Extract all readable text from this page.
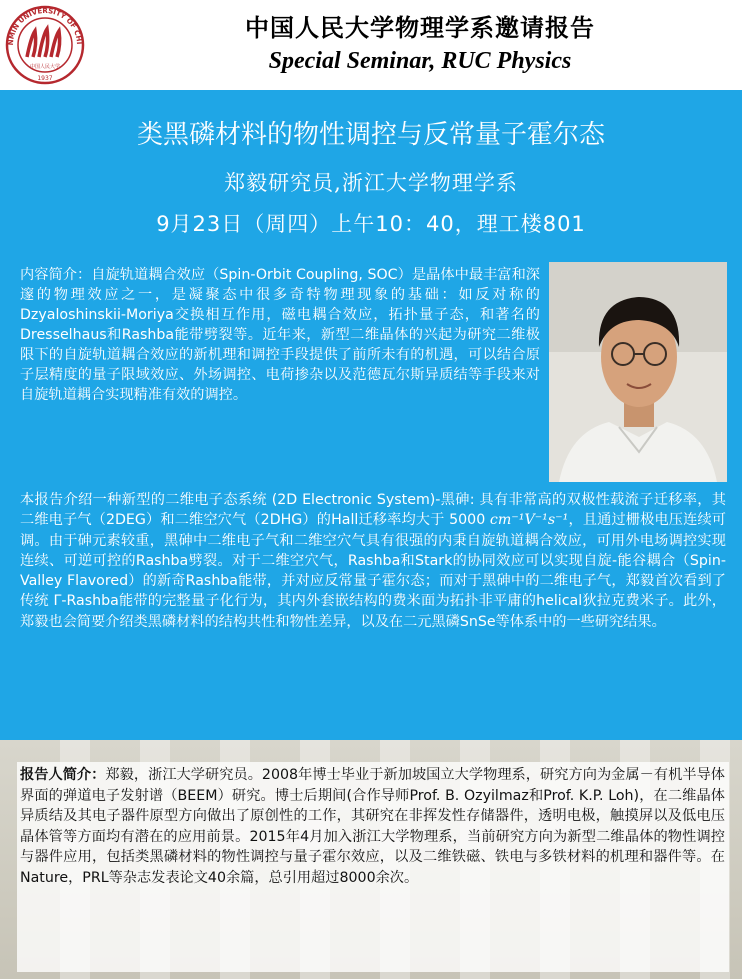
NMIN UNIVERSITY OF CHI
中国人民大学
1937
中国人民大学物理学系邀请报告
Special Seminar, RUC Physics
类黑磷材料的物性调控与反常量子霍尔态
郑毅研究员,浙江大学物理学系
9月23日（周四）上午10：40，理工楼801
内容简介：自旋轨道耦合效应（Spin-Orbit Coupling, SOC）是晶体中最丰富和深邃的物理效应之一，是凝聚态中很多奇特物理现象的基础：如反对称的Dzyaloshinskii-Moriya交换相互作用，磁电耦合效应，拓扑量子态，和著名的Dresselhaus和Rashba能带劈裂等。近年来，新型二维晶体的兴起为研究二维极限下的自旋轨道耦合效应的新机理和调控手段提供了前所未有的机遇，可以结合原子层精度的量子限域效应、外场调控、电荷掺杂以及范德瓦尔斯异质结等手段来对自旋轨道耦合实现精准有效的调控。
本报告介绍一种新型的二维电子态系统 (2D Electronic System)-黑砷: 具有非常高的双极性载流子迁移率，其二维电子气（2DEG）和二维空穴气（2DHG）的Hall迁移率均大于 5000 cm⁻¹V⁻¹s⁻¹，且通过栅极电压连续可调。由于砷元素较重，黑砷中二维电子气和二维空穴气具有很强的内秉自旋轨道耦合效应，可用外电场调控实现连续、可逆可控的Rashba劈裂。对于二维空穴气，Rashba和Stark的协同效应可以实现自旋-能谷耦合（Spin-Valley Flavored）的新奇Rashba能带，并对应反常量子霍尔态；而对于黑砷中的二维电子气，郑毅首次看到了传统 Γ-Rashba能带的完整量子化行为，其内外套嵌结构的费米面为拓扑非平庸的helical狄拉克费米子。此外，郑毅也会简要介绍类黑磷材料的结构共性和物性差异，以及在二元黑磷SnSe等体系中的一些研究结果。
报告人简介：郑毅，浙江大学研究员。2008年博士毕业于新加坡国立大学物理系，研究方向为金属－有机半导体界面的弹道电子发射谱（BEEM）研究。博士后期间(合作导师Prof. B. Ozyilmaz和Prof. K.P. Loh)，在二维晶体异质结及其电子器件原型方向做出了原创性的工作，其研究在非挥发性存储器件，透明电极，触摸屏以及低电压晶体管等方面均有潜在的应用前景。2015年4月加入浙江大学物理系，当前研究方向为新型二维晶体的物性调控与器件应用，包括类黑磷材料的物性调控与量子霍尔效应，以及二维铁磁、铁电与多铁材料的机理和器件等。在Nature，PRL等杂志发表论文40余篇，总引用超过8000余次。
